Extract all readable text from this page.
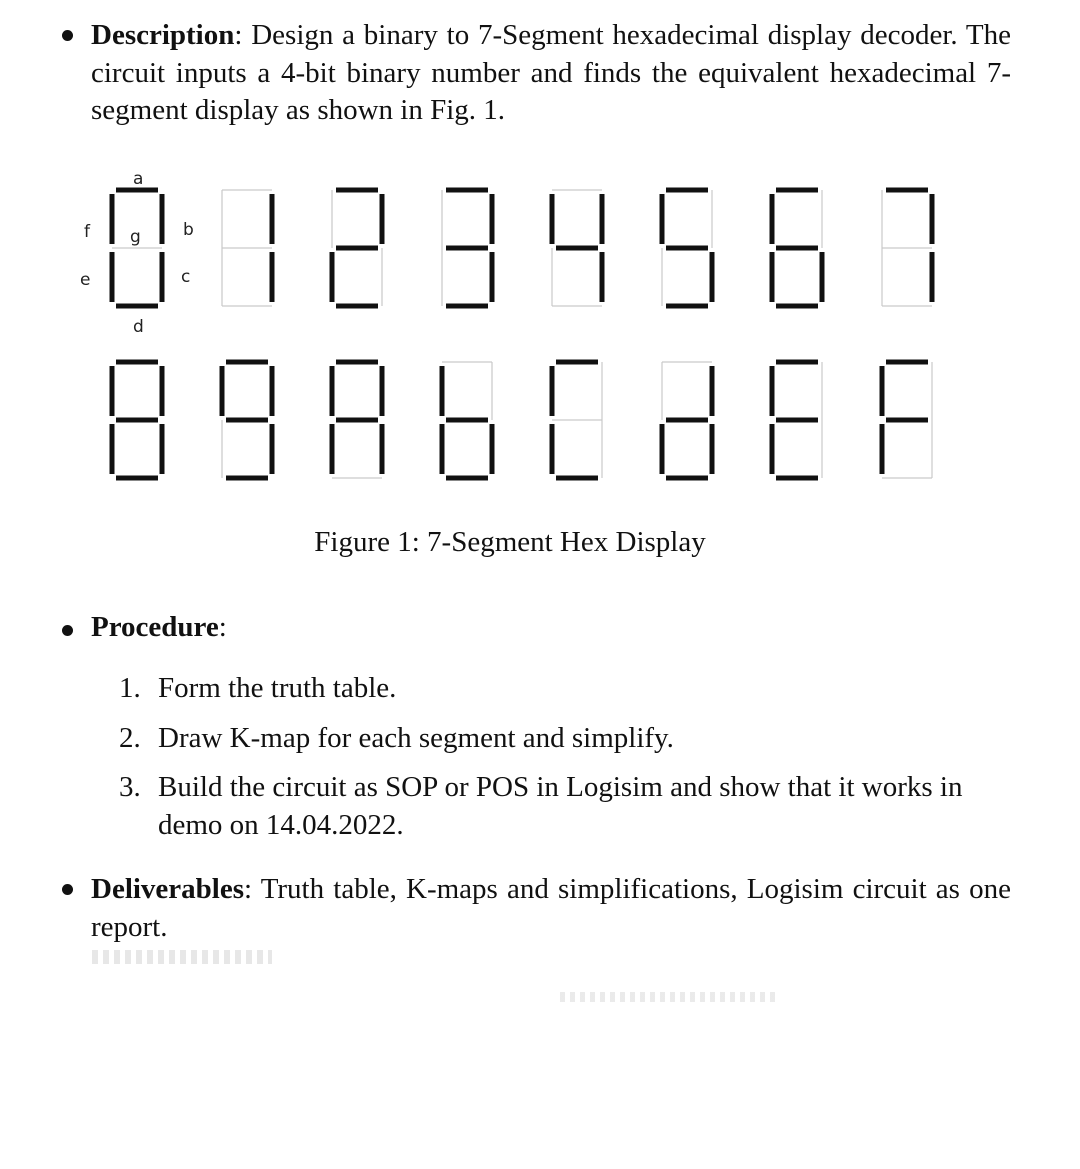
Description: Design a binary to 7-Segment hexadecimal display decoder. The circuit inputs a 4-bit binary number and finds the equivalent hexadecimal 7-segment display as shown in Fig. 1.
a
f g b
e	c
d
Figure 1: 7-Segment Hex Display
Procedure:
1. Form the truth table.
2. Draw K-map for each segment and simplify.
3. Build the circuit as SOP or POS in Logisim and show that it works in demo on 14.04.2022.
Deliverables: Truth table, K-maps and simplifications, Logisim circuit as one report.
